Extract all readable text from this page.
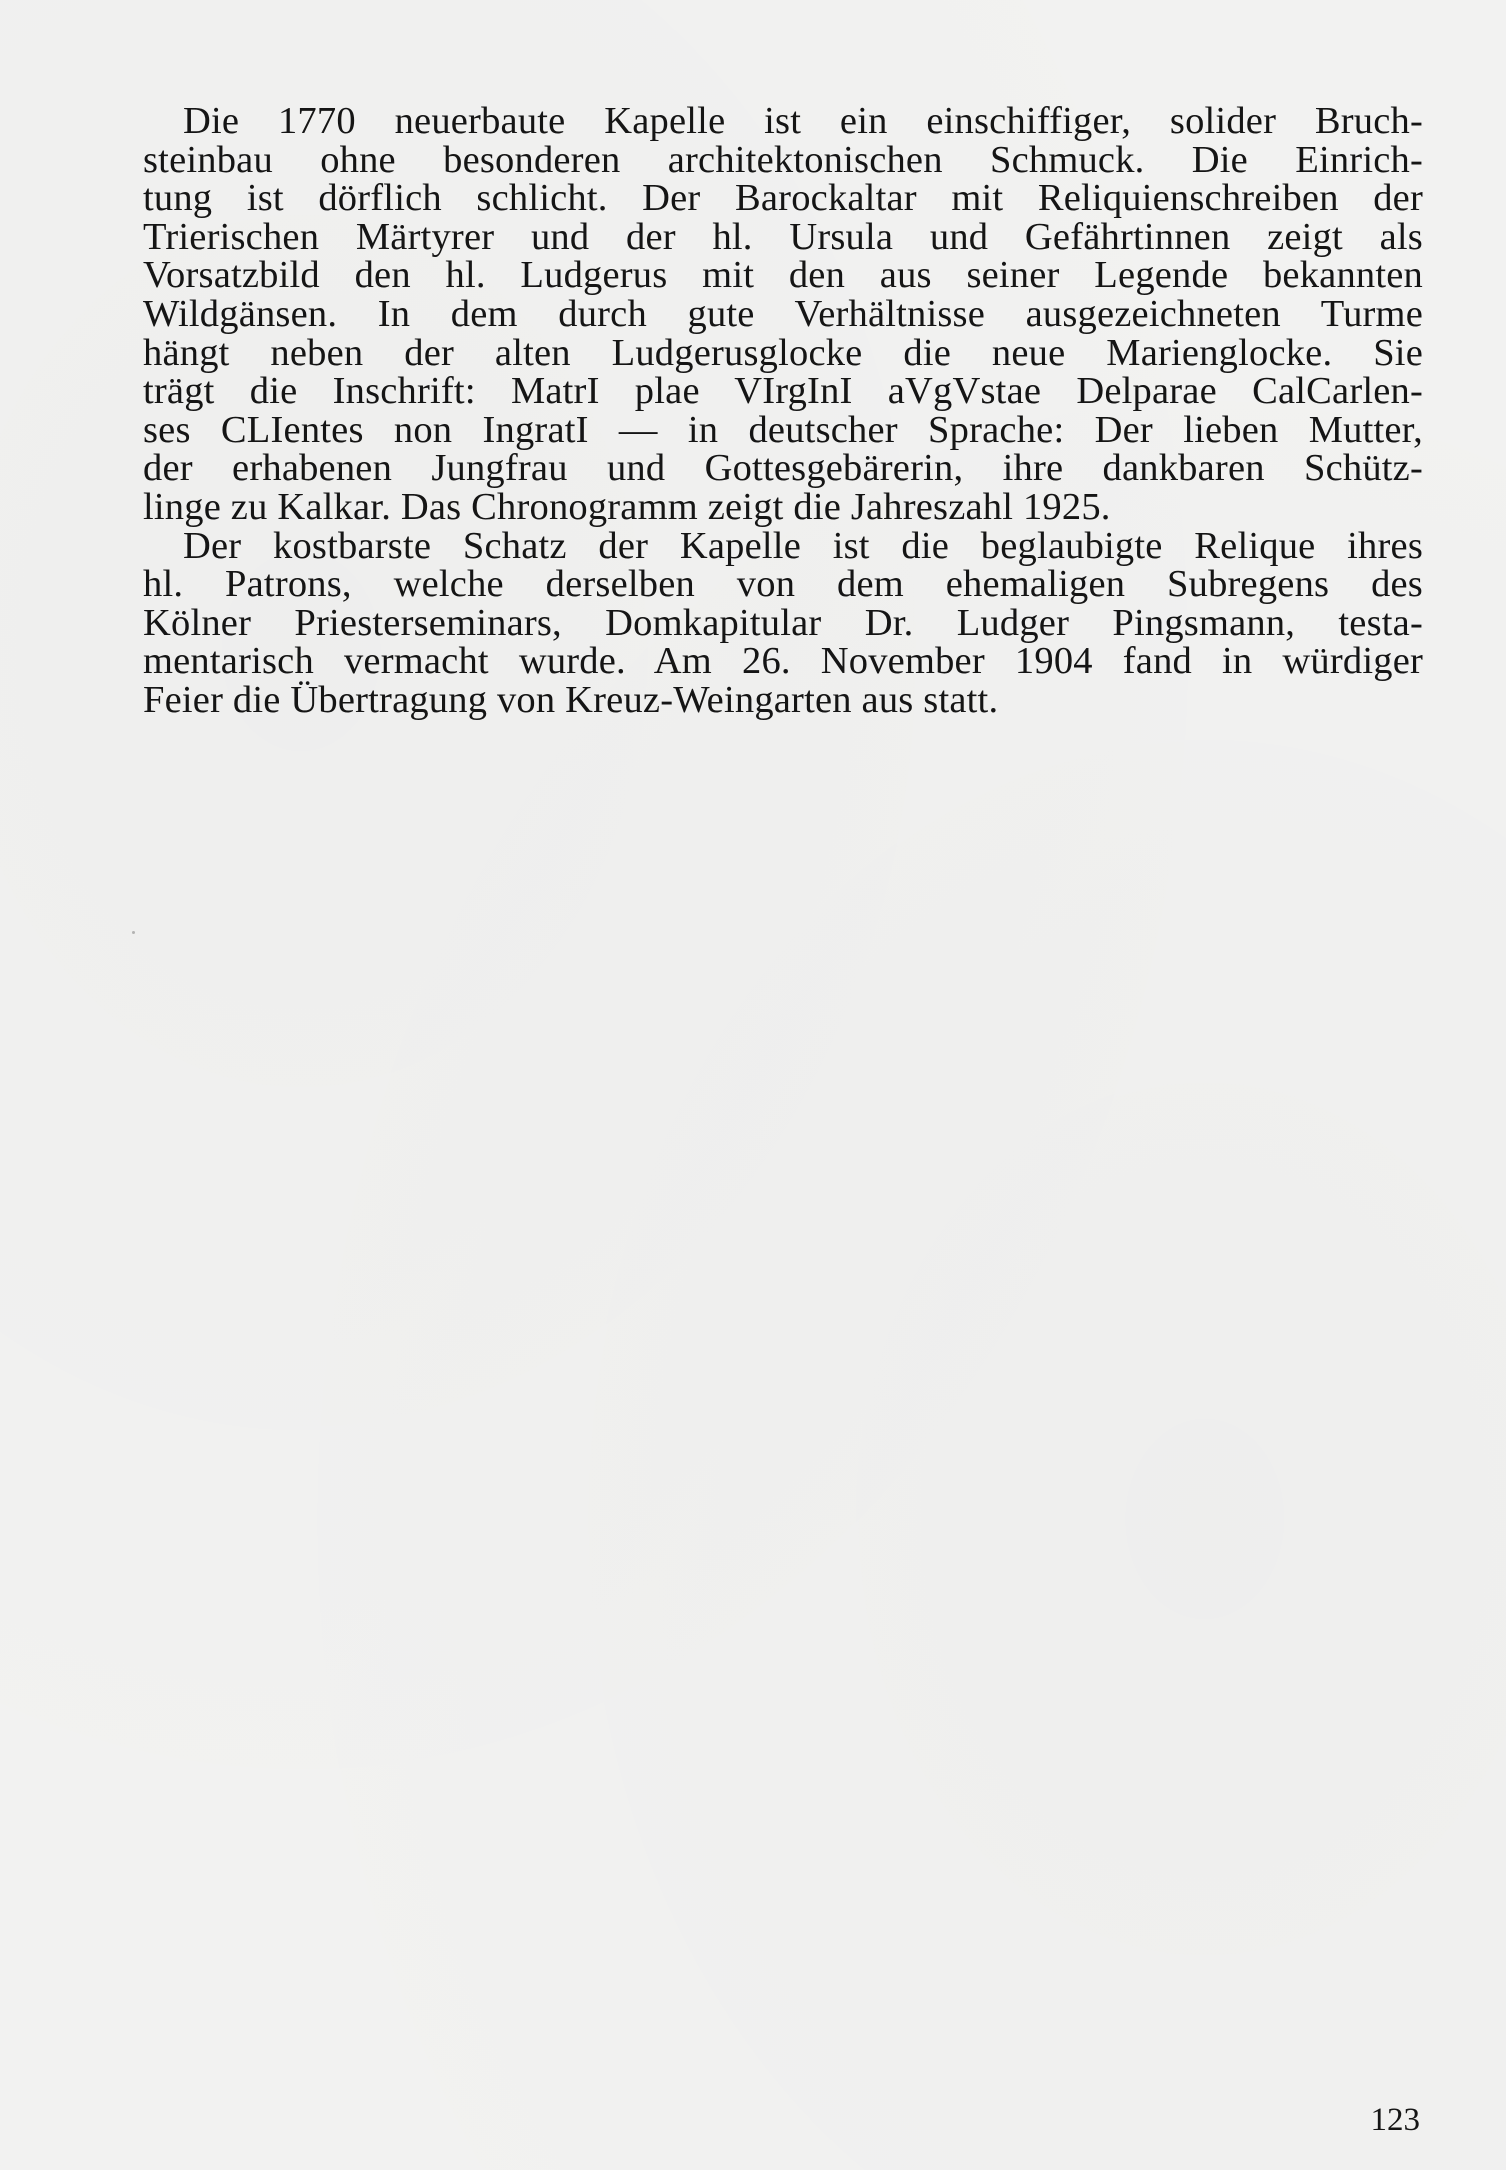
Die 1770 neuerbaute Kapelle ist ein einschiffiger, solider Bruch-
steinbau ohne besonderen architektonischen Schmuck. Die Einrich-
tung ist dörflich schlicht. Der Barockaltar mit Reliquienschreiben der
Trierischen Märtyrer und der hl. Ursula und Gefährtinnen zeigt als
Vorsatzbild den hl. Ludgerus mit den aus seiner Legende bekannten
Wildgänsen. In dem durch gute Verhältnisse ausgezeichneten Turme
hängt neben der alten Ludgerusglocke die neue Marienglocke. Sie
trägt die Inschrift: MatrI plae VIrgInI aVgVstae Delparae CalCarlen-
ses CLIentes non IngratI — in deutscher Sprache: Der lieben Mutter,
der erhabenen Jungfrau und Gottesgebärerin, ihre dankbaren Schütz-
linge zu Kalkar. Das Chronogramm zeigt die Jahreszahl 1925.
Der kostbarste Schatz der Kapelle ist die beglaubigte Relique ihres
hl. Patrons, welche derselben von dem ehemaligen Subregens des
Kölner Priesterseminars, Domkapitular Dr. Ludger Pingsmann, testa-
mentarisch vermacht wurde. Am 26. November 1904 fand in würdiger
Feier die Übertragung von Kreuz-Weingarten aus statt.
123
